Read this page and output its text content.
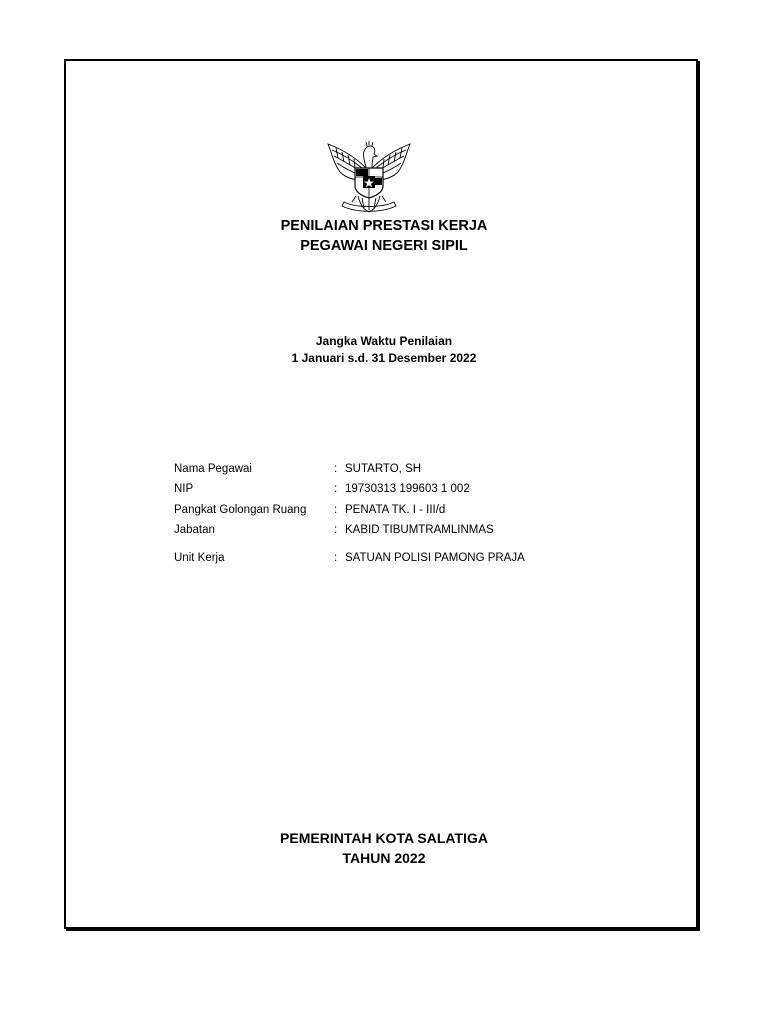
PENILAIAN PRESTASI KERJA
PEGAWAI NEGERI SIPIL
Jangka Waktu Penilaian
1 Januari s.d. 31 Desember 2022
Nama Pegawai	: SUTARTO, SH
NIP	: 19730313 199603 1 002
Pangkat Golongan Ruang : PENATA TK. I - III/d
Jabatan	: KABID TIBUMTRAMLINMAS
Unit Kerja	: SATUAN POLISI PAMONG PRAJA
PEMERINTAH KOTA SALATIGA
TAHUN 2022
